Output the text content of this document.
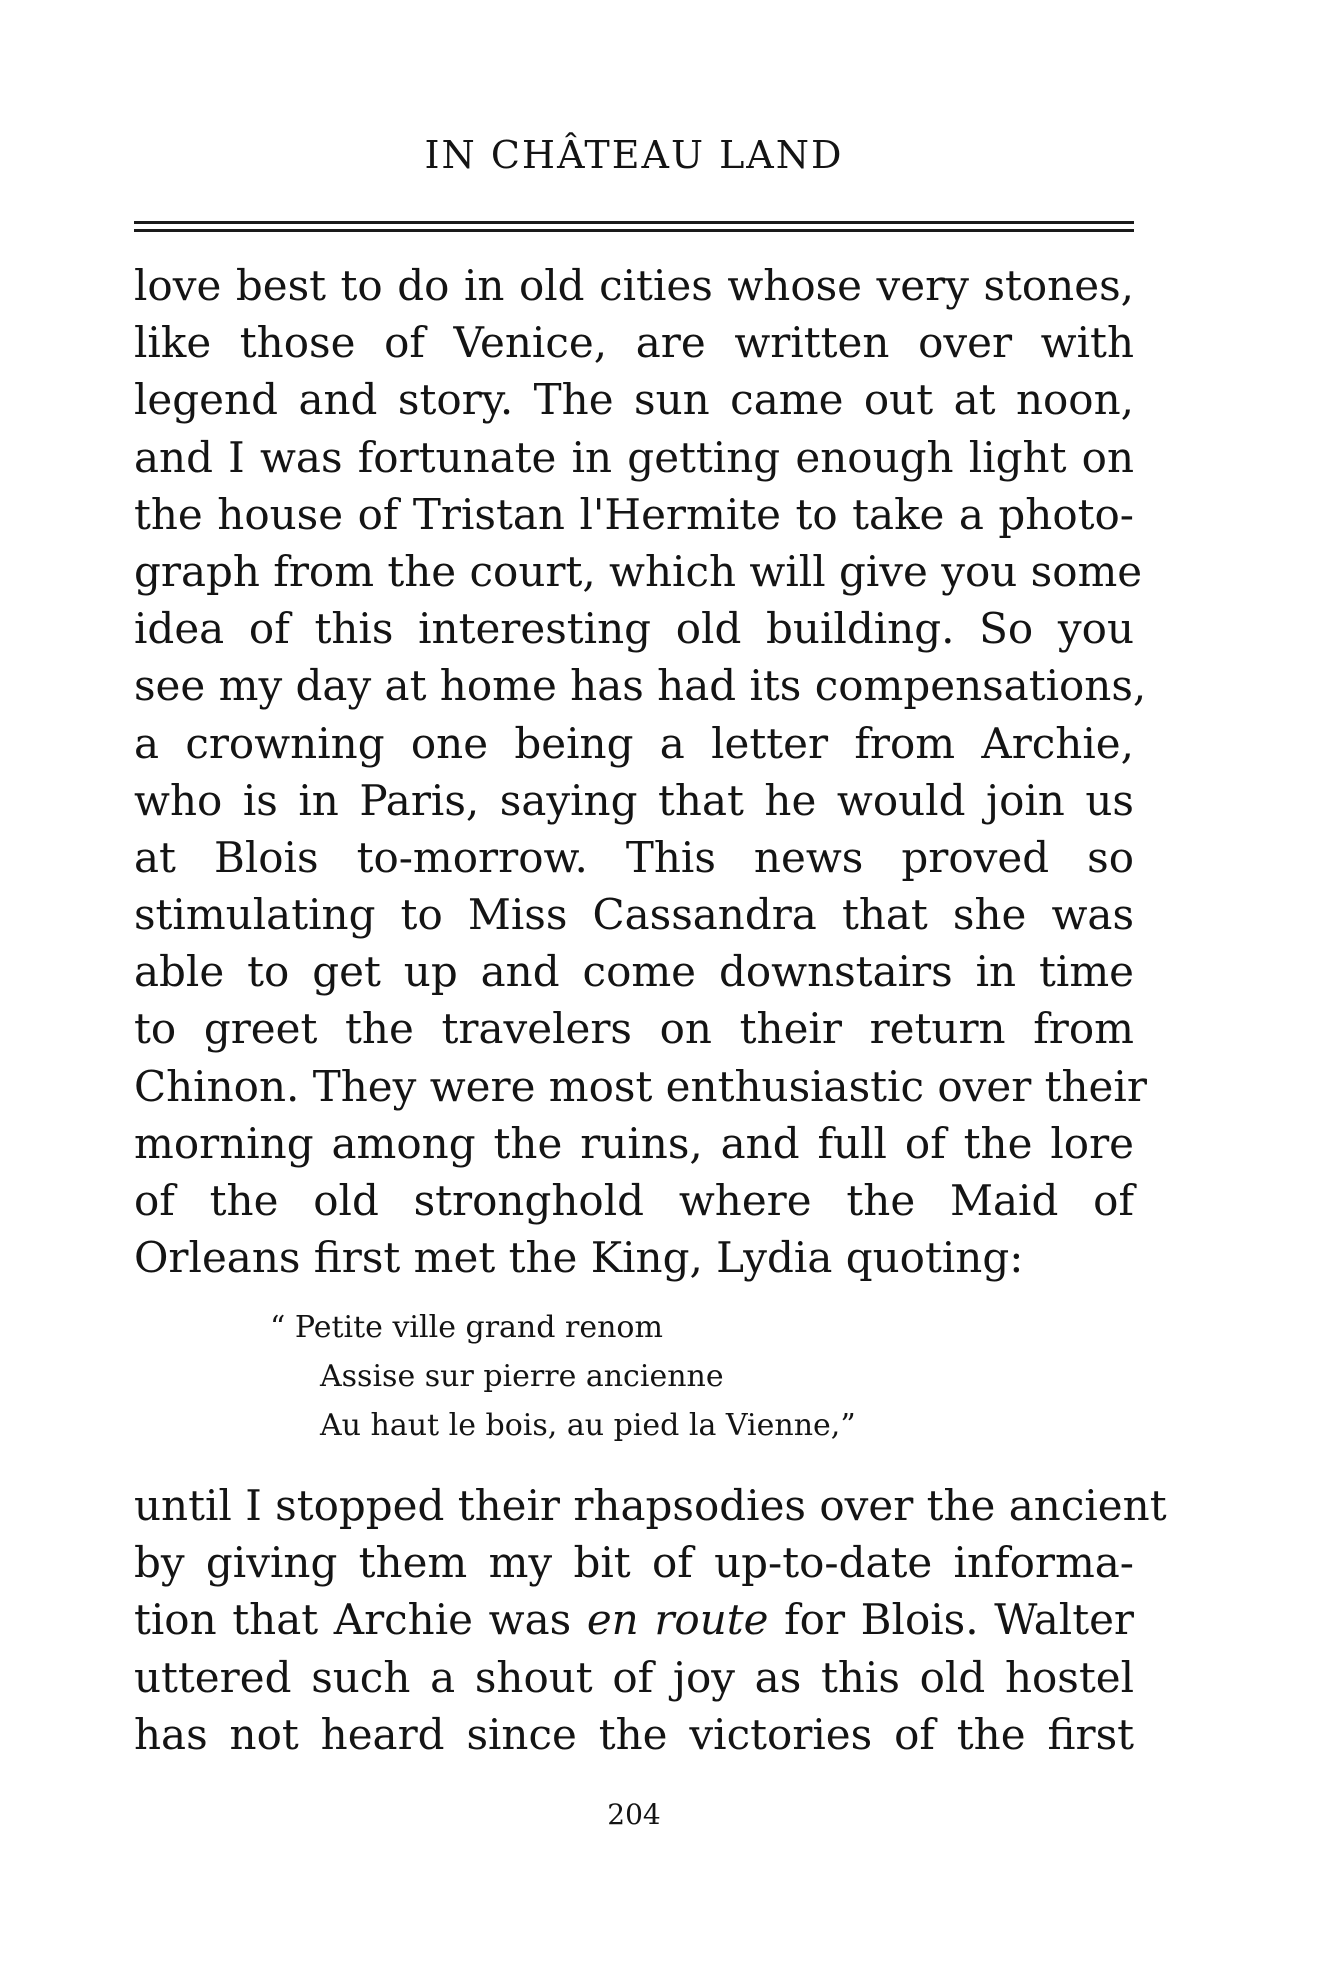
IN CHÂTEAU LAND
love best to do in old cities whose very stones,
like those of Venice, are written over with
legend and story. The sun came out at noon,
and I was fortunate in getting enough light on
the house of Tristan l'Hermite to take a photo-
graph from the court, which will give you some
idea of this interesting old building. So you
see my day at home has had its compensations,
a crowning one being a letter from Archie,
who is in Paris, saying that he would join us
at Blois to-morrow. This news proved so
stimulating to Miss Cassandra that she was
able to get up and come downstairs in time
to greet the travelers on their return from
Chinon. They were most enthusiastic over their
morning among the ruins, and full of the lore
of the old stronghold where the Maid of
Orleans first met the King, Lydia quoting:
“ Petite ville grand renom
Assise sur pierre ancienne
Au haut le bois, au pied la Vienne,”
until I stopped their rhapsodies over the ancient
by giving them my bit of up-to-date informa-
tion that Archie was en route for Blois. Walter
uttered such a shout of joy as this old hostel
has not heard since the victories of the first
204
